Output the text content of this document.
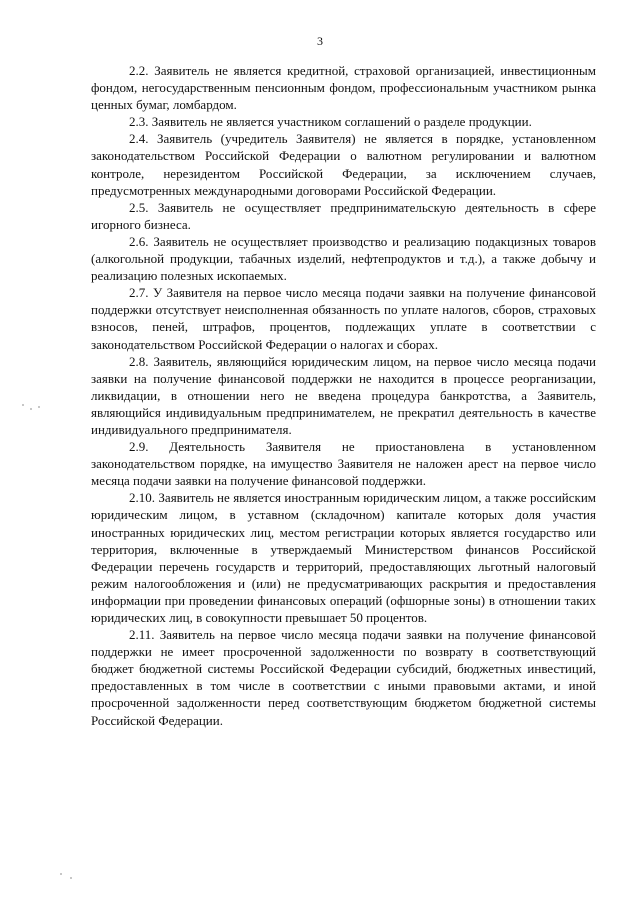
3

2.2. Заявитель не является кредитной, страховой организацией, инвестиционным фондом, негосударственным пенсионным фондом, профессиональным участником рынка ценных бумаг, ломбардом.

2.3. Заявитель не является участником соглашений о разделе продукции.

2.4. Заявитель (учредитель Заявителя) не является в порядке, установленном законодательством Российской Федерации о валютном регулировании и валютном контроле, нерезидентом Российской Федерации, за исключением случаев, предусмотренных международными договорами Российской Федерации.

2.5. Заявитель не осуществляет предпринимательскую деятельность в сфере игорного бизнеса.

2.6. Заявитель не осуществляет производство и реализацию подакцизных товаров (алкогольной продукции, табачных изделий, нефтепродуктов и т.д.), а также добычу и реализацию полезных ископаемых.

2.7. У Заявителя на первое число месяца подачи заявки на получение финансовой поддержки отсутствует неисполненная обязанность по уплате налогов, сборов, страховых взносов, пеней, штрафов, процентов, подлежащих уплате в соответствии с законодательством Российской Федерации о налогах и сборах.

2.8. Заявитель, являющийся юридическим лицом, на первое число месяца подачи заявки на получение финансовой поддержки не находится в процессе реорганизации, ликвидации, в отношении него не введена процедура банкротства, а Заявитель, являющийся индивидуальным предпринимателем, не прекратил деятельность в качестве индивидуального предпринимателя.

2.9. Деятельность Заявителя не приостановлена в установленном законодательством порядке, на имущество Заявителя не наложен арест на первое число месяца подачи заявки на получение финансовой поддержки.

2.10. Заявитель не является иностранным юридическим лицом, а также российским юридическим лицом, в уставном (складочном) капитале которых доля участия иностранных юридических лиц, местом регистрации которых является государство или территория, включенные в утверждаемый Министерством финансов Российской Федерации перечень государств и территорий, предоставляющих льготный налоговый режим налогообложения и (или) не предусматривающих раскрытия и предоставления информации при проведении финансовых операций (офшорные зоны) в отношении таких юридических лиц, в совокупности превышает 50 процентов.

2.11. Заявитель на первое число месяца подачи заявки на получение финансовой поддержки не имеет просроченной задолженности по возврату в соответствующий бюджет бюджетной системы Российской Федерации субсидий, бюджетных инвестиций, предоставленных в том числе в соответствии с иными правовыми актами, и иной просроченной задолженности перед соответствующим бюджетом бюджетной системы Российской Федерации.
